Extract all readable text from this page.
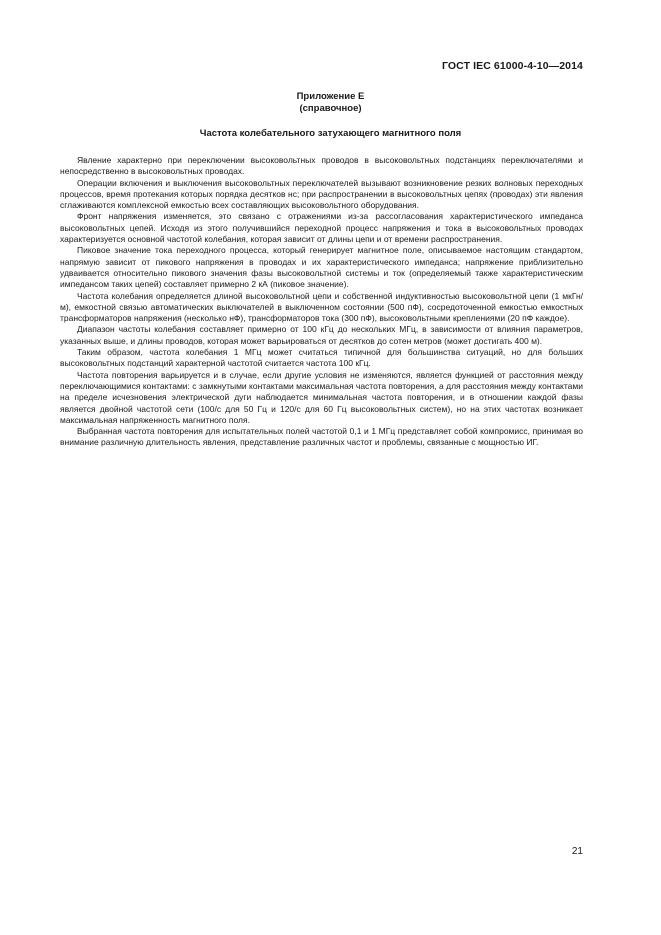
ГОСТ IEC 61000-4-10—2014
Приложение Е
(справочное)
Частота колебательного затухающего магнитного поля

Явление характерно при переключении высоковольтных проводов в высоковольтных подстанциях переключателями и непосредственно в высоковольтных проводах.

Операции включения и выключения высоковольтных переключателей вызывают возникновение резких волновых переходных процессов, время протекания которых порядка десятков нс; при распространении в высоковольтных цепях (проводах) эти явления сглаживаются комплексной емкостью всех составляющих высоковольтного оборудования.

Фронт напряжения изменяется, это связано с отражениями из-за рассогласования характеристического импеданса высоковольтных цепей. Исходя из этого получившийся переходной процесс напряжения и тока в высоковольтных проводах характеризуется основной частотой колебания, которая зависит от длины цепи и от времени распространения.

Пиковое значение тока переходного процесса, который генерирует магнитное поле, описываемое настоящим стандартом, напрямую зависит от пикового напряжения в проводах и их характеристического импеданса; напряжение приблизительно удваивается относительно пикового значения фазы высоковольтной системы и ток (определяемый также характеристическим импедансом таких цепей) составляет примерно 2 кА (пиковое значение).

Частота колебания определяется длиной высоковольтной цепи и собственной индуктивностью высоковольтной цепи (1 мкГн/м), емкостной связью автоматических выключателей в выключенном состоянии (500 пФ), сосредоточенной емкостью емкостных трансформаторов напряжения (несколько нФ), трансформаторов тока (300 пФ), высоковольтными креплениями (20 пФ каждое).

Диапазон частоты колебания составляет примерно от 100 кГц до нескольких МГц, в зависимости от влияния параметров, указанных выше, и длины проводов, которая может варьироваться от десятков до сотен метров (может достигать 400 м).

Таким образом, частота колебания 1 МГц может считаться типичной для большинства ситуаций, но для больших высоковольтных подстанций характерной частотой считается частота 100 кГц.

Частота повторения варьируется и в случае, если другие условия не изменяются, является функцией от расстояния между переключающимися контактами: с замкнутыми контактами максимальная частота повторения, а для расстояния между контактами на пределе исчезновения электрической дуги наблюдается минимальная частота повторения, и в отношении каждой фазы является двойной частотой сети (100/с для 50 Гц и 120/с для 60 Гц высоковольтных систем), но на этих частотах возникает максимальная напряженность магнитного поля.

Выбранная частота повторения для испытательных полей частотой 0,1 и 1 МГц представляет собой компромисс, принимая во внимание различную длительность явления, представление различных частот и проблемы, связанные с мощностью ИГ.

21
